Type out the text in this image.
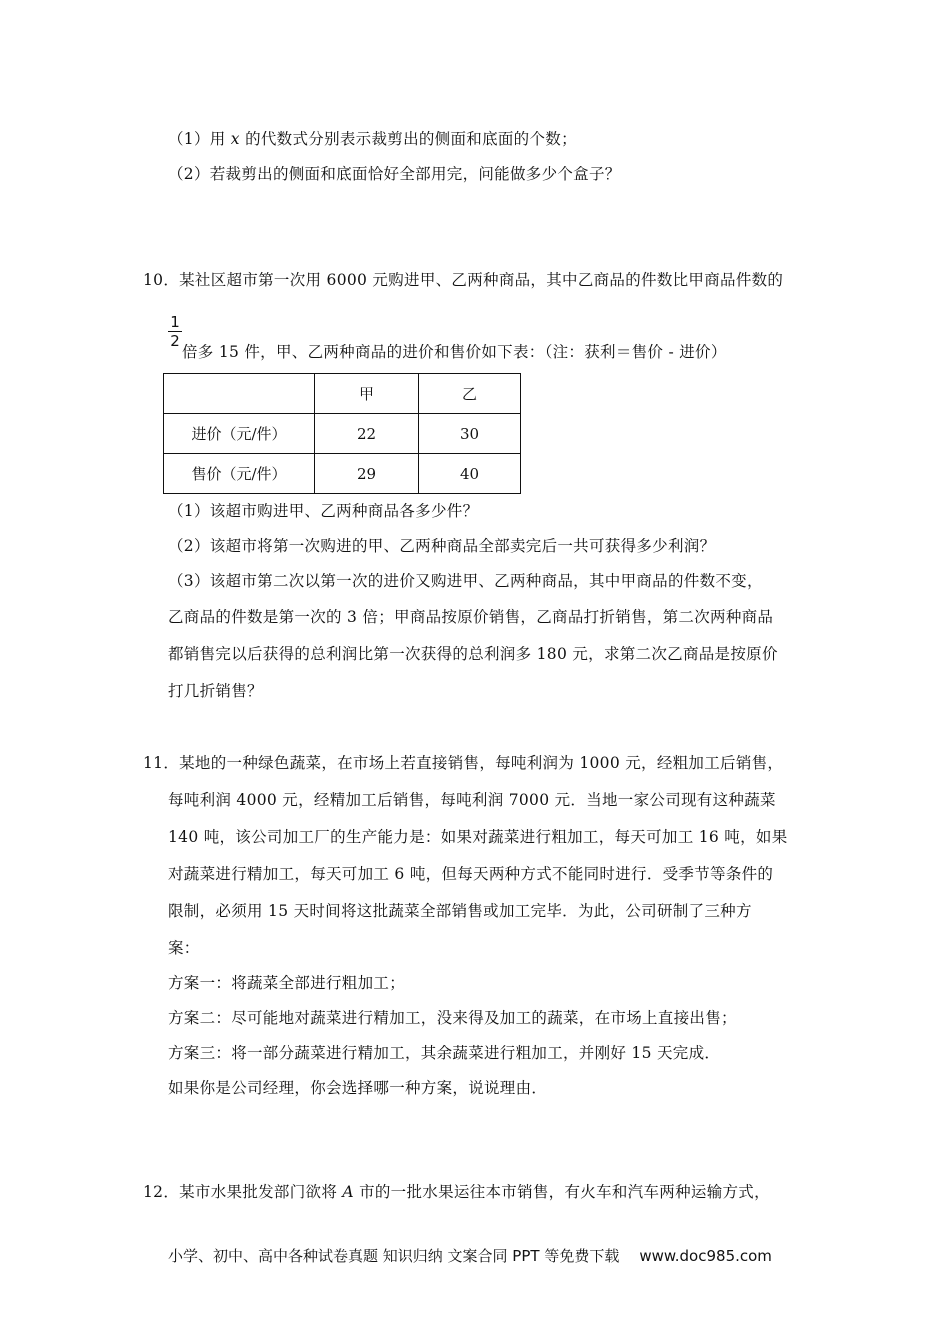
（1）用 x 的代数式分别表示裁剪出的侧面和底面的个数；
（2）若裁剪出的侧面和底面恰好全部用完，问能做多少个盒子？
10．某社区超市第一次用 6000 元购进甲、乙两种商品，其中乙商品的件数比甲商品件数的
1
2
倍多 15 件，甲、乙两种商品的进价和售价如下表：（注：获利＝售价 - 进价）
	甲	乙
进价（元/件）	22	30
售价（元/件）	29	40
（1）该超市购进甲、乙两种商品各多少件？
（2）该超市将第一次购进的甲、乙两种商品全部卖完后一共可获得多少利润？
（3）该超市第二次以第一次的进价又购进甲、乙两种商品，其中甲商品的件数不变，
乙商品的件数是第一次的 3 倍；甲商品按原价销售，乙商品打折销售，第二次两种商品
都销售完以后获得的总利润比第一次获得的总利润多 180 元，求第二次乙商品是按原价
打几折销售？
11．某地的一种绿色蔬菜，在市场上若直接销售，每吨利润为 1000 元，经粗加工后销售，
每吨利润 4000 元，经精加工后销售，每吨利润 7000 元．当地一家公司现有这种蔬菜
140 吨，该公司加工厂的生产能力是：如果对蔬菜进行粗加工，每天可加工 16 吨，如果
对蔬菜进行精加工，每天可加工 6 吨，但每天两种方式不能同时进行．受季节等条件的
限制，必须用 15 天时间将这批蔬菜全部销售或加工完毕．为此，公司研制了三种方
案：
方案一：将蔬菜全部进行粗加工；
方案二：尽可能地对蔬菜进行精加工，没来得及加工的蔬菜，在市场上直接出售；
方案三：将一部分蔬菜进行精加工，其余蔬菜进行粗加工，并刚好 15 天完成．
如果你是公司经理，你会选择哪一种方案，说说理由．
12．某市水果批发部门欲将 A 市的一批水果运往本市销售，有火车和汽车两种运输方式，
小学、初中、高中各种试卷真题 知识归纳 文案合同 PPT 等免费下载 www.doc985.com
